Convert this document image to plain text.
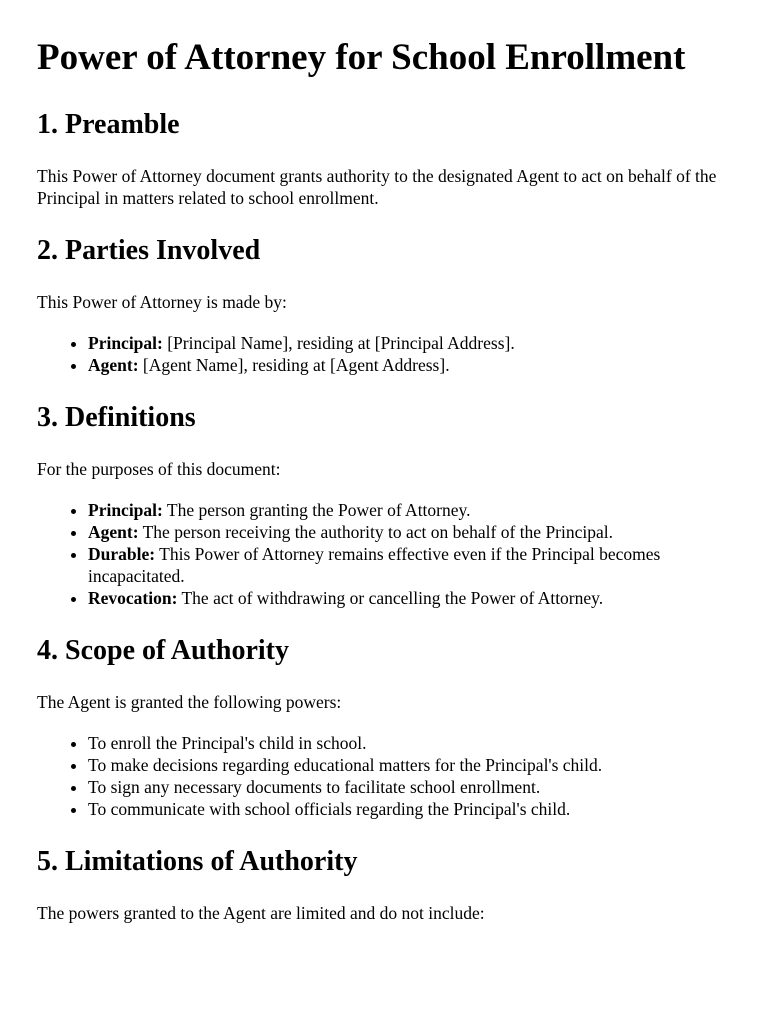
Power of Attorney for School Enrollment
1. Preamble

This Power of Attorney document grants authority to the designated Agent to act on behalf of the Principal in matters related to school enrollment.

2. Parties Involved

This Power of Attorney is made by:

• Principal: [Principal Name], residing at [Principal Address].
• Agent: [Agent Name], residing at [Agent Address].
3. Definitions

For the purposes of this document:

• Principal: The person granting the Power of Attorney.
• Agent: The person receiving the authority to act on behalf of the Principal.
• Durable: This Power of Attorney remains effective even if the Principal becomes incapacitated.
• Revocation: The act of withdrawing or cancelling the Power of Attorney.
4. Scope of Authority

The Agent is granted the following powers:

• To enroll the Principal's child in school.
• To make decisions regarding educational matters for the Principal's child.
• To sign any necessary documents to facilitate school enrollment.
• To communicate with school officials regarding the Principal's child.
5. Limitations of Authority

The powers granted to the Agent are limited and do not include:
